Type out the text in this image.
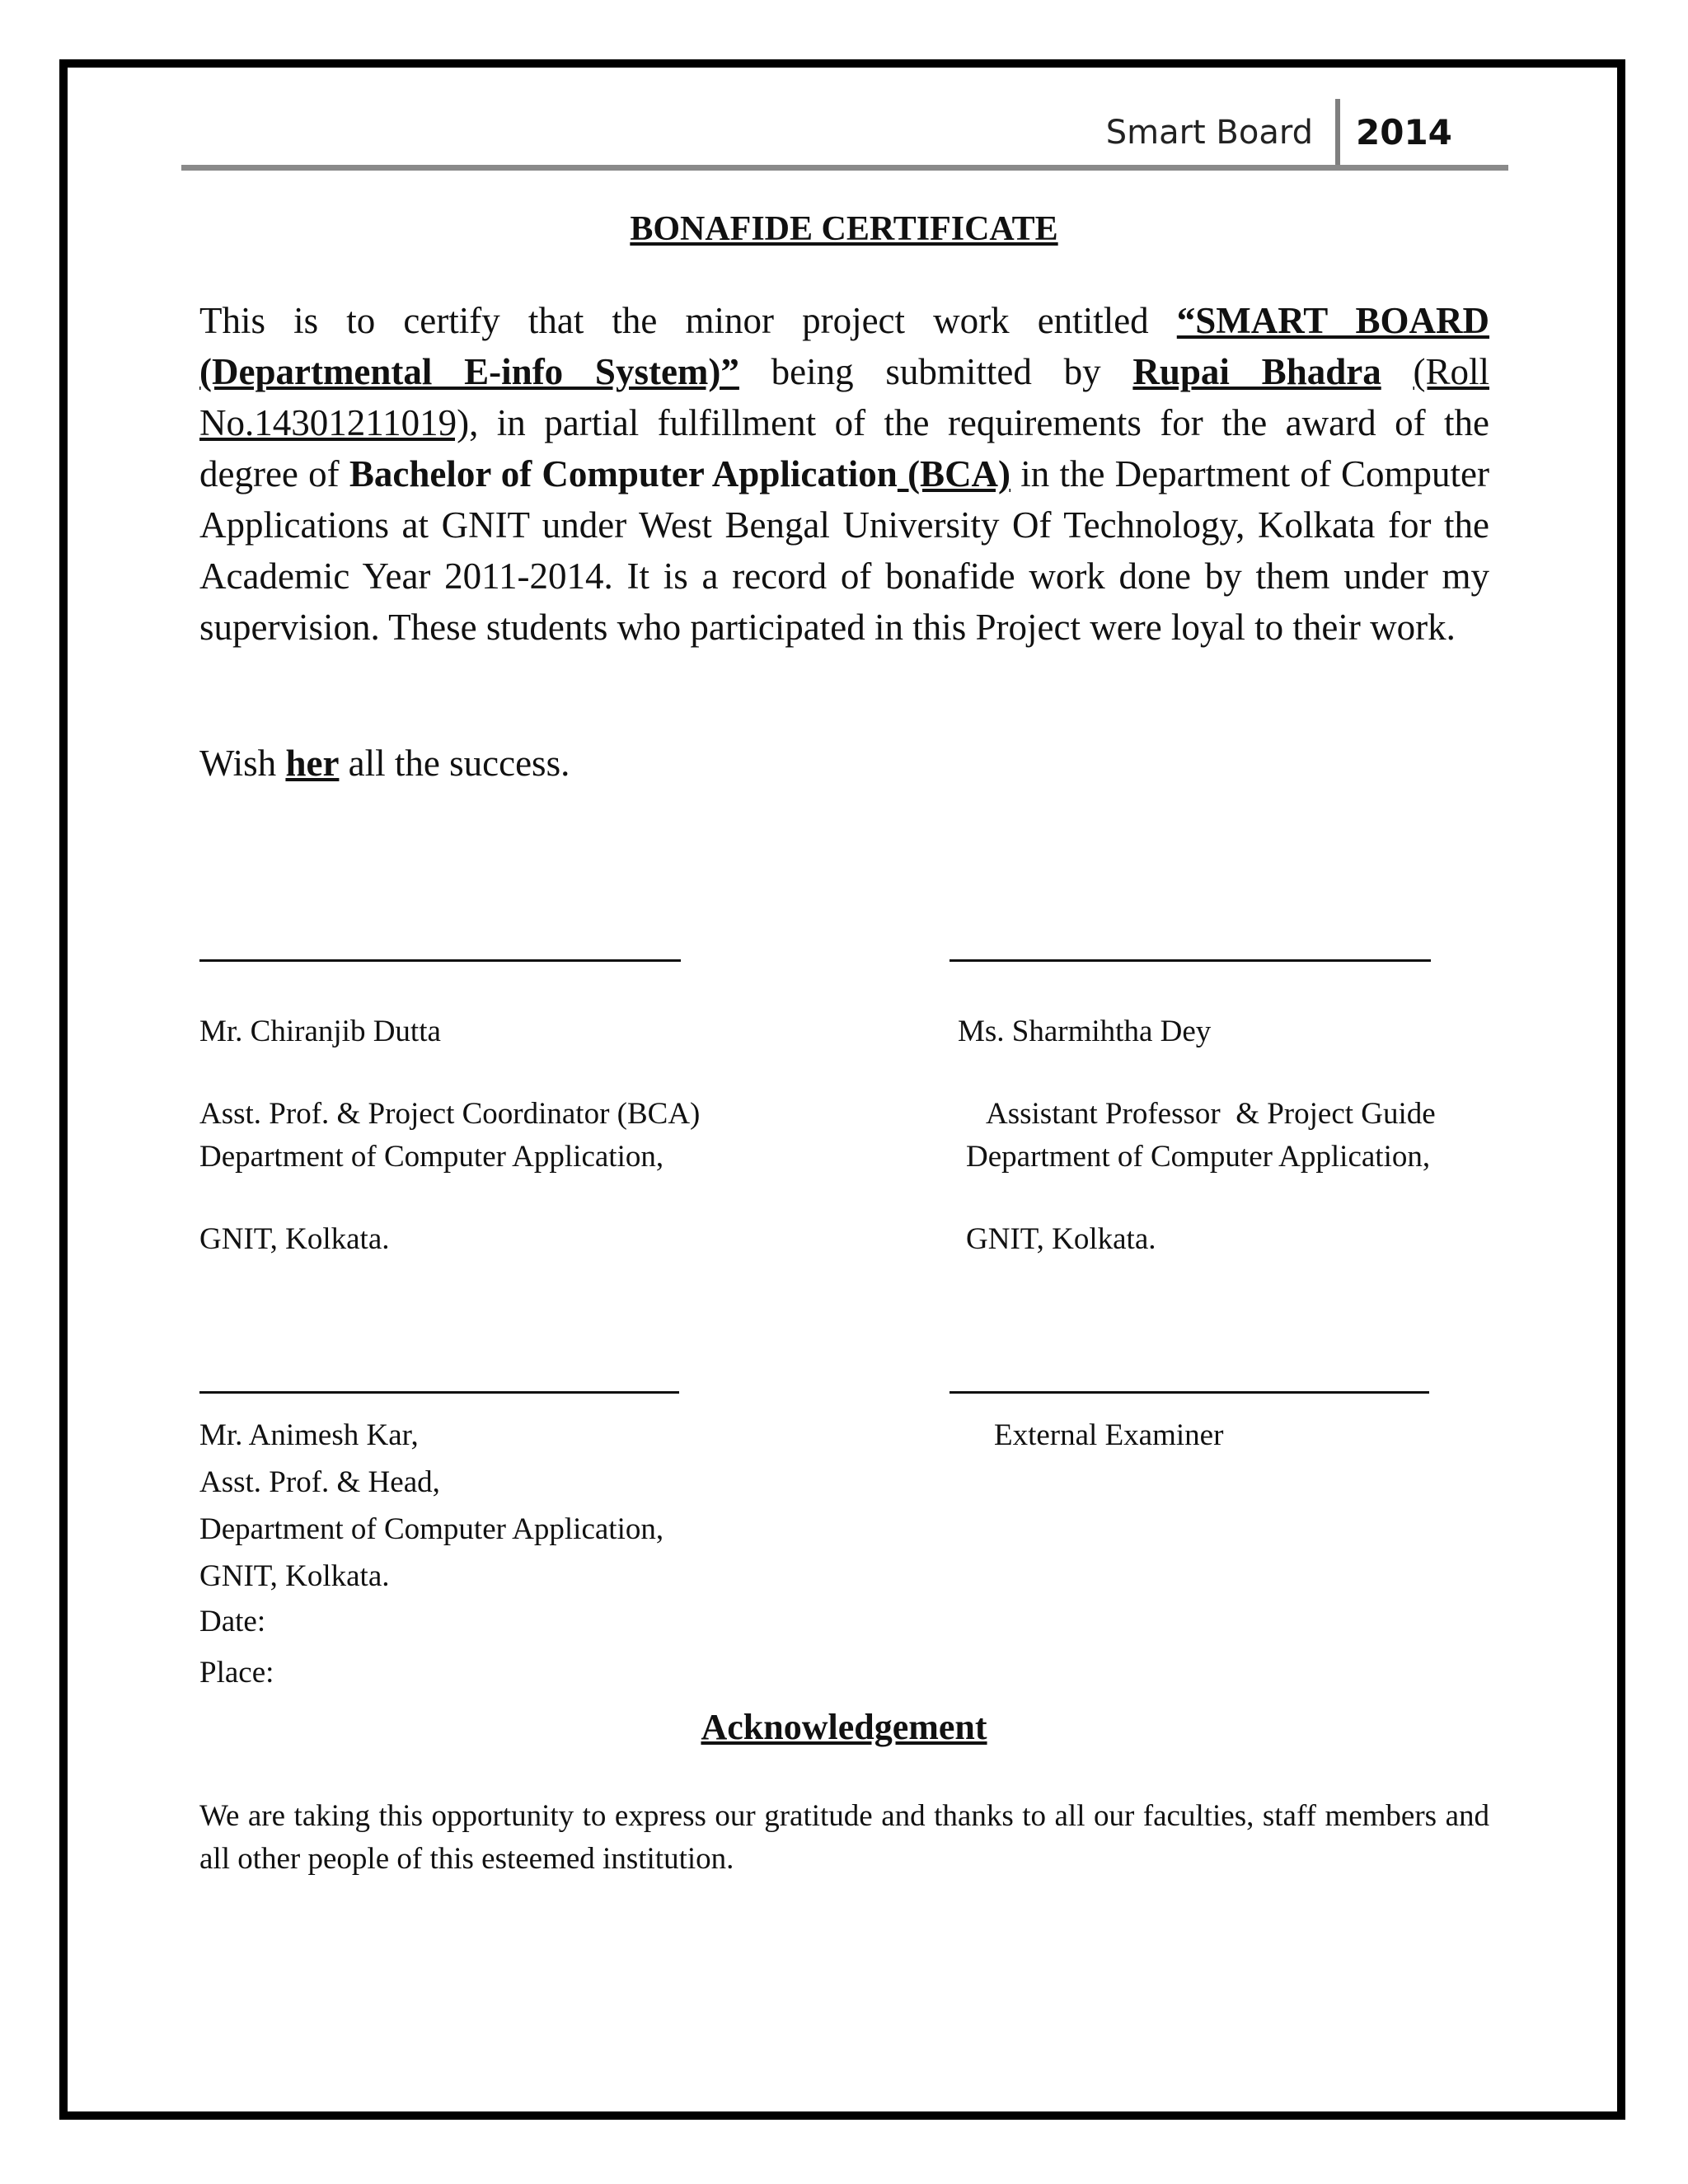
Smart Board 2014
BONAFIDE CERTIFICATE
This is to certify that the minor project work entitled “SMART BOARD (Departmental E-info System)” being submitted by Rupai Bhadra (Roll No.14301211019), in partial fulfillment of the requirements for the award of the degree of Bachelor of Computer Application (BCA) in the Department of Computer Applications at GNIT under West Bengal University Of Technology, Kolkata for the Academic Year 2011-2014. It is a record of bonafide work done by them under my supervision. These students who participated in this Project were loyal to their work.
Wish her all the success.
Mr. Chiranjib Dutta
Asst. Prof. & Project Coordinator (BCA)
Department of Computer Application,
GNIT, Kolkata.
Ms. Sharmihtha Dey
Assistant Professor  & Project Guide
Department of Computer Application,
GNIT, Kolkata.
Mr. Animesh Kar,
Asst. Prof. & Head,
Department of Computer Application,
GNIT, Kolkata.
Date:
Place:
External Examiner
Acknowledgement
We are taking this opportunity to express our gratitude and thanks to all our faculties, staff members and all other people of this esteemed institution.
